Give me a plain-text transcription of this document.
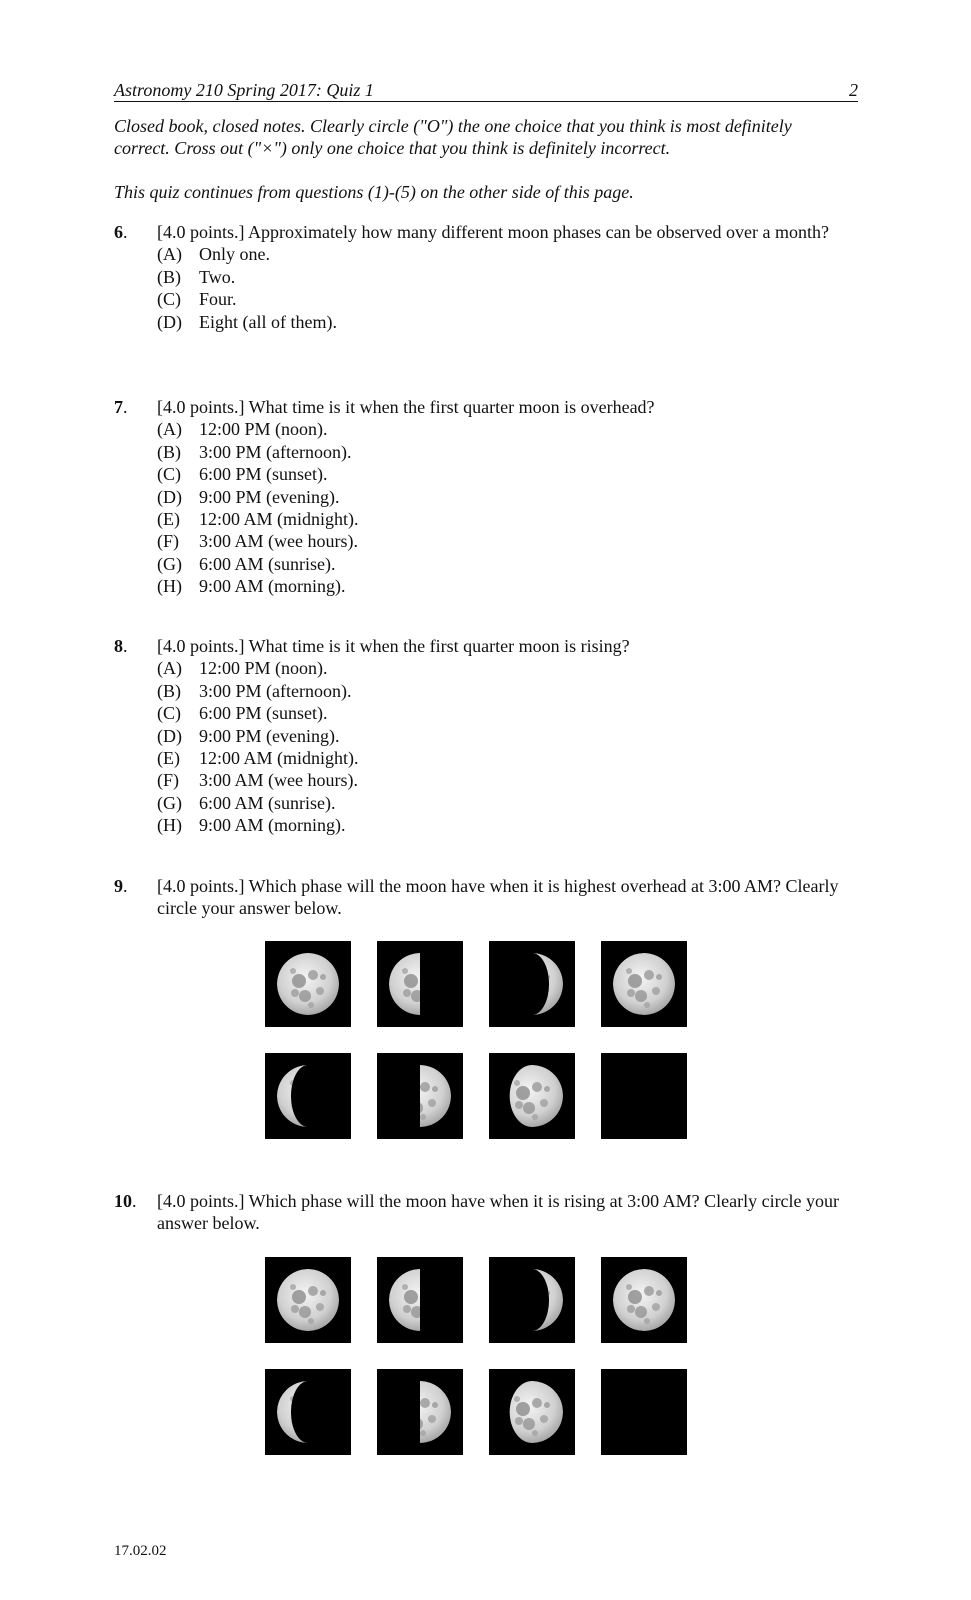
Astronomy 210 Spring 2017: Quiz 1	2
Closed book, closed notes. Clearly circle ("O") the one choice that you think is most definitely
correct. Cross out ("×") only one choice that you think is definitely incorrect.
This quiz continues from questions (1)-(5) on the other side of this page.
6. [4.0 points.] Approximately how many different moon phases can be observed over a month?
(A) Only one.
(B) Two.
(C) Four.
(D) Eight (all of them).
7. [4.0 points.] What time is it when the first quarter moon is overhead?
(A) 12:00 PM (noon).
(B) 3:00 PM (afternoon).
(C) 6:00 PM (sunset).
(D) 9:00 PM (evening).
(E) 12:00 AM (midnight).
(F) 3:00 AM (wee hours).
(G) 6:00 AM (sunrise).
(H) 9:00 AM (morning).
8. [4.0 points.] What time is it when the first quarter moon is rising?
(A) 12:00 PM (noon).
(B) 3:00 PM (afternoon).
(C) 6:00 PM (sunset).
(D) 9:00 PM (evening).
(E) 12:00 AM (midnight).
(F) 3:00 AM (wee hours).
(G) 6:00 AM (sunrise).
(H) 9:00 AM (morning).
9. [4.0 points.] Which phase will the moon have when it is highest overhead at 3:00 AM? Clearly circle your answer below.
10. [4.0 points.] Which phase will the moon have when it is rising at 3:00 AM? Clearly circle your answer below.
17.02.02
